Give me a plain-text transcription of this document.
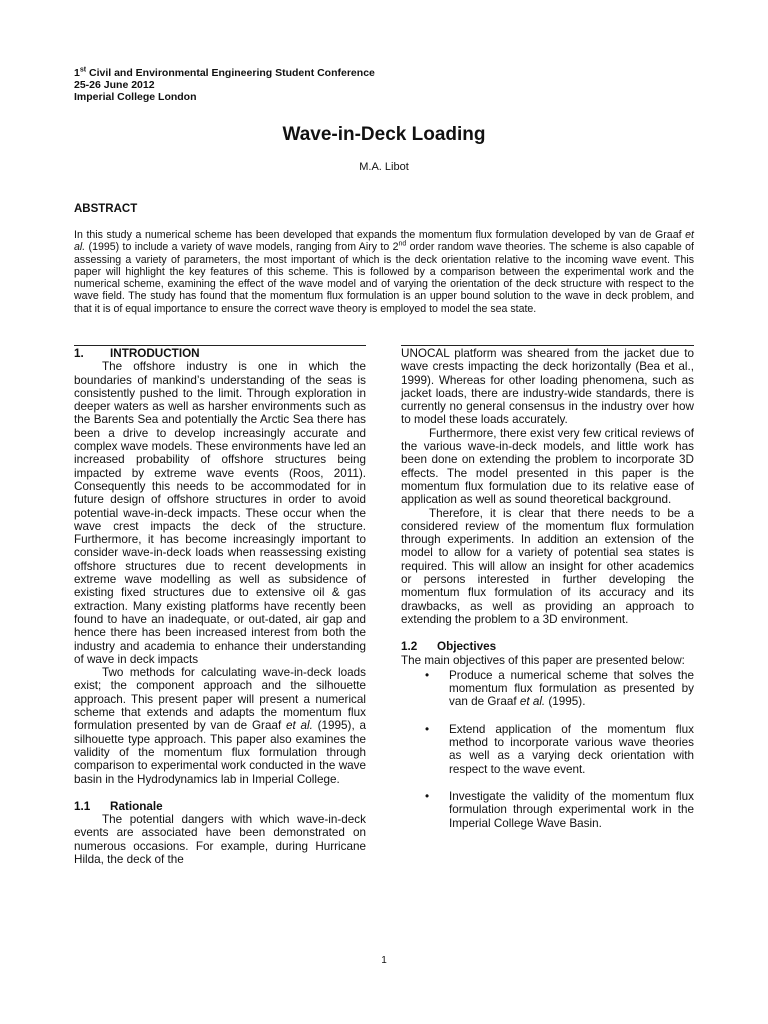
1st Civil and Environmental Engineering Student Conference
25-26 June 2012
Imperial College London
Wave-in-Deck Loading
M.A. Libot
ABSTRACT
In this study a numerical scheme has been developed that expands the momentum flux formulation developed by van de Graaf et al. (1995) to include a variety of wave models, ranging from Airy to 2nd order random wave theories. The scheme is also capable of assessing a variety of parameters, the most important of which is the deck orientation relative to the incoming wave event. This paper will highlight the key features of this scheme. This is followed by a comparison between the experimental work and the numerical scheme, examining the effect of the wave model and of varying the orientation of the deck structure with respect to the wave field. The study has found that the momentum flux formulation is an upper bound solution to the wave in deck problem, and that it is of equal importance to ensure the correct wave theory is employed to model the sea state.

1. INTRODUCTION

The offshore industry is one in which the boundaries of mankind’s understanding of the seas is consistently pushed to the limit. Through exploration in deeper waters as well as harsher environments such as the Barents Sea and potentially the Arctic Sea there has been a drive to develop increasingly accurate and complex wave models. These environments have led an increased probability of offshore structures being impacted by extreme wave events (Roos, 2011). Consequently this needs to be accommodated for in future design of offshore structures in order to avoid potential wave-in-deck impacts. These occur when the wave crest impacts the deck of the structure. Furthermore, it has become increasingly important to consider wave-in-deck loads when reassessing existing offshore structures due to recent developments in extreme wave modelling as well as subsidence of existing fixed structures due to extensive oil & gas extraction. Many existing platforms have recently been found to have an inadequate, or out-dated, air gap and hence there has been increased interest from both the industry and academia to enhance their understanding of wave in deck impacts

Two methods for calculating wave-in-deck loads exist; the component approach and the silhouette approach. This present paper will present a numerical scheme that extends and adapts the momentum flux formulation presented by van de Graaf et al. (1995), a silhouette type approach. This paper also examines the validity of the momentum flux formulation through comparison to experimental work conducted in the wave basin in the Hydrodynamics lab in Imperial College.

1.1 Rationale

The potential dangers with which wave-in-deck events are associated have been demonstrated on numerous occasions. For example, during Hurricane Hilda, the deck of the

UNOCAL platform was sheared from the jacket due to wave crests impacting the deck horizontally (Bea et al., 1999). Whereas for other loading phenomena, such as jacket loads, there are industry-wide standards, there is currently no general consensus in the industry over how to model these loads accurately.

Furthermore, there exist very few critical reviews of the various wave-in-deck models, and little work has been done on extending the problem to incorporate 3D effects. The model presented in this paper is the momentum flux formulation due to its relative ease of application as well as sound theoretical background.

Therefore, it is clear that there needs to be a considered review of the momentum flux formulation through experiments. In addition an extension of the model to allow for a variety of potential sea states is required. This will allow an insight for other academics or persons interested in further developing the momentum flux formulation of its accuracy and its drawbacks, as well as providing an approach to extending the problem to a 3D environment.

1.2 Objectives

The main objectives of this paper are presented below:

• Produce a numerical scheme that solves the momentum flux formulation as presented by van de Graaf et al. (1995).
• Extend application of the momentum flux method to incorporate various wave theories as well as a varying deck orientation with respect to the wave event.
• Investigate the validity of the momentum flux formulation through experimental work in the Imperial College Wave Basin.
1
